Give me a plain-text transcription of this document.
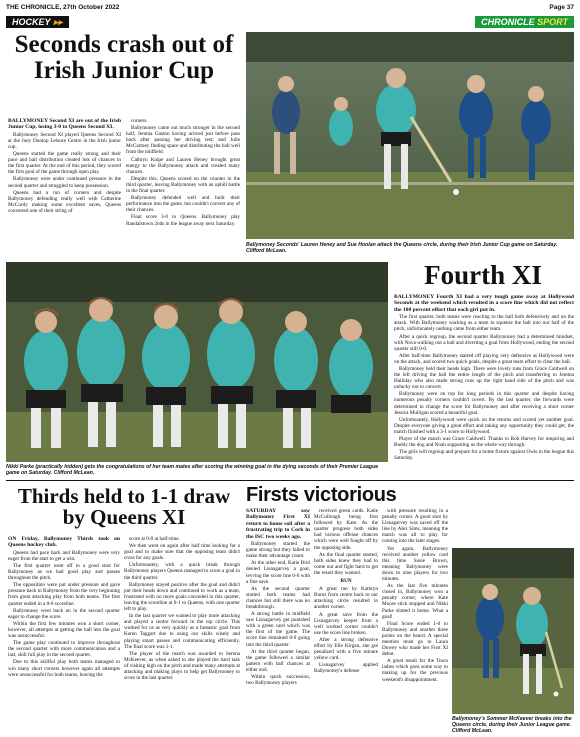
THE CHRONICLE, 27th October 2022	Page 37
HOCKEY ▸▸	CHRONICLE SPORT
Seconds crash out of Irish Junior Cup

BALLYMONEY Second XI are out of the Irish Junior Cup, losing 3-0 to Queens Second XI.

Ballymoney Second XI played Queens Second XI at the Joey Dunlop Leisure Centre in the Irish junior cup.

Queens started the game really strong and their pace and ball distribution created lots of chances in the first quarter. At the end of this period, they scored the first goal of the game through open play.

Ballymoney were under continued pressure in the second quarter and struggled to keep possession.

Queens had a run of corners and despite Ballymoney defending really well with Catherine McCurdy making some excellent saves, Queens converted one of their string of

corners.

Ballymoney came out much stronger in the second half, Jemma Gaston having arrived just before pass back after passing her driving test; and Julie McCartney finding space and distributing the ball well from the midfield.

Cathryn Knipe and Lauren Heney brought great energy to the Ballymoney attack and created many chances.

Despite this, Queens scored on the counter in the third quarter, leaving Ballymoney with an uphill battle in the final quarter.

Ballymoney defended well and built their performance into the game, but couldn't convert any of their chances.

Final score 3-0 to Queens. Ballymoney play Randalstown 2nds in the league away next Saturday.

Ballymoney Seconds' Lauren Heney and Sue Hoolan attack the Queens circle, during their Irish Junior Cup game on Saturday. Clifford McLean.
Nikki Parke (practically hidden) gets the congratulations of her team mates after scoring the winning goal in the dying seconds of their Premier League game on Saturday. Clifford McLean.
Fourth XI

BALLYMONEY Fourth XI had a very tough game away at Hollywood Seconds at the weekend which resulted in a score line which did not reflect the 100 percent effort that each girl put in.

The first quarter, both teams were reacting to the ball both defensively and on the attack. With Ballymoney working as a team to squeeze the ball into our half of the pitch, unfortunately nothing came from either team.

After a quick regroup, the second quarter Ballymoney had a determined mindset, with Nova walking out a ball and diverting a goal from Hollywood, ending the second quarter still 0-0.

After half-time Ballymoney started off playing very defensive as Hollywood were on the attack, and scored two quick goals, despite a great team effort to clear the ball.

Ballymoney held their heads high. There were lovely runs from Grace Caldwell on the left driving the ball the entire length of the pitch and transferring to Jemma Halliday who also made strong runs up the right hand side of the pitch and was unlucky not to convert.

Ballymoney were on top for long periods in this quarter and despite having numerous penalty corners couldn't covert. By the last quarter, the forwards were determined to change the score for Ballymoney and after receiving a short corner Jessica Mulligan scored a beautiful goal.

Unfortunately, Hollywood were quick on the returns and scored yet another goal. Despite everyone giving a great effort and taking any opportunity they could get, the match finished with a 3-1 score to Hollywood.

Player of the match was Grace Caldwell. Thanks to Rob Harvey for umpiring and Buddy the dog and Noah supporting us the whole way through.

The girls will regroup and prepare for a home fixture against Owls in the league this Saturday.

Thirds held to 1-1 draw by Queens XI

ON Friday, Ballymoney Thirds took on Queens hockey club.

Queens had pace back and Ballymoney were very eager from the start to get a win.

The first quarter went off to a good start for Ballymoney as we had good play and passes throughout the pitch.

The opposition were put under pressure and gave pressure back to Ballymoney from the very beginning from great attacking play from both teams. The first quarter ended in a 0-0 scoreline.

Ballymoney went back on in the second quarter eager to change the score.

Within the first few minutes won a short corner, however, all attempts at getting the ball into the goal was unsuccessful.

The game play continued to improve throughout the second quarter with more communication and a last, skill full play in the second quarter.

Due to this skillful play both teams managed to win many short corners however again all attempts were unsuccessful for both teams, leaving the

score at 0-0 at half-time.

We then went on again after half time looking for a goal and to make sure that the opposing team didn't cross for any goals.

Unfortunately, with a quick break through Ballymoney players Queens managed to score a goal in the third quarter.

Ballymoney stayed positive after the goal and didn't put their heads down and continued to work as a team, frustrated with no more goals conceded in this quarter, leaving the scoreline at 0-1 to Queens, with one quarter left to play.

In the last quarter we wanted to play more attacking and played a centre forward in the top circle. This worked for us as very quickly as a fantastic goal from Karen Taggart due to using our skills wisely and playing smart passes and communicating efficiently. The final score was 1-1.

The player of the match was awarded to Serena McKeever, as when asked to she played the hard task of visiting high on the pitch and made many attempts at attacking and making plays to help get Ballymoney to score in the last quarter.

Firsts victorious

SATURDAY saw Ballymoney First XI return to home soil after a frustrating trip to Cork in the ISC two weeks ago.

Ballymoney started the game strong but they failed to make their advantage count.

At the other end, Katie Bird denied Lisnagarvey a goal, levving the score line 0-0 with a fine save.

As the second quarter started both teams had chances but still there was no breakthrough.

A strong battle in midfield saw Lisnagarvey get punished with a green card which was the first of the game. The score line remained 0-0 going into the third quarter.

At the third quarter began, the game followed a similar pattern with ball chances at either end.

Within quick succession, two Ballymoney players

received green cards. Katie McCullough being first followed by Kate. As the quarter progress both sides had various offense chances which were well fought off by the opposing side.

As the final quarter started, both sides knew they had to come out and fight hard to get the result they wanted.

RUN

A great run by Kathryn Burns from centre back to our attacking circle resulted in another corner.

A great save from the Lisnagarvey keeper from a well worked corner couldn't use the score line broken.

After a strong defensive effort by Elle Kirgan, she got penalized with a five minute yellow card.

Lisnagarvey applied Ballymoney's defense

with pressure resulting in a penalty corner. A good shot by Lisnagarvey was saved off the line by Alex Sims, meaning the match was all to play for coming into the later stages.

Yet again, Ballymoney received another yellow card this time Susie Brown, meaning Ballymoney were down to nine players for two minutes.

As the last five minutes closed in, Ballymoney won a penalty corner, where Kate Moore stick stopped and Nikki Parke slotted it home. What a goal!

Final Score ended 1-0 to Ballymoney and another three points on the board. A special mention must go to Laura Dowey who made her First XI debut.

A great result for the Town ladies which goes some way to making up for the previous weekend's disappointment.

Ballymoney's Sommer McKeever breaks into the Queens circle, during their Junior League game. Clifford McLean.
